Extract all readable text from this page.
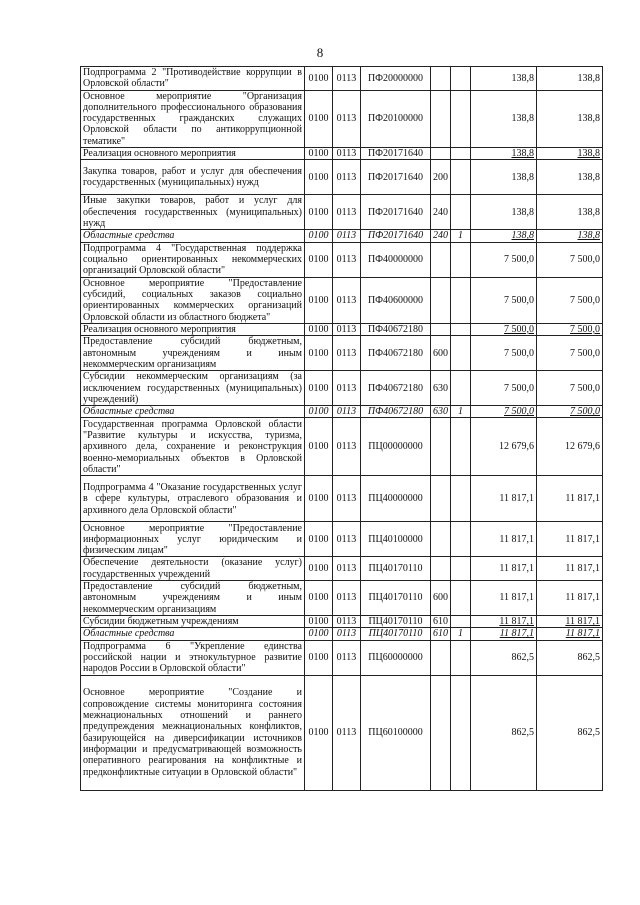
8
Подпрограмма 2 "Противодействие коррупции в Орловской области"	0100	0113	ПФ20000000			138,8	138,8
Основное мероприятие "Организация дополнительного профессионального образования государственных гражданских служащих Орловской области по антикоррупционной тематике"	0100	0113	ПФ20100000			138,8	138,8
Реализация основного мероприятия	0100	0113	ПФ20171640			138,8	138,8
Закупка товаров, работ и услуг для обеспечения государственных (муниципальных) нужд	0100	0113	ПФ20171640	200		138,8	138,8
Иные закупки товаров, работ и услуг для обеспечения государственных (муниципальных) нужд	0100	0113	ПФ20171640	240		138,8	138,8
Областные средства	0100	0113	ПФ20171640	240	1	138,8	138,8
Подпрограмма 4 "Государственная поддержка социально ориентированных некоммерческих организаций Орловской области"	0100	0113	ПФ40000000			7 500,0	7 500,0
Основное мероприятие "Предоставление субсидий, социальных заказов социально ориентированных коммерческих организаций Орловской области из областного бюджета"	0100	0113	ПФ40600000			7 500,0	7 500,0
Реализация основного мероприятия	0100	0113	ПФ40672180			7 500,0	7 500,0
Предоставление субсидий бюджетным, автономным учреждениям и иным некоммерческим организациям	0100	0113	ПФ40672180	600		7 500,0	7 500,0
Субсидии некоммерческим организациям (за исключением государственных (муниципальных) учреждений)	0100	0113	ПФ40672180	630		7 500,0	7 500,0
Областные средства	0100	0113	ПФ40672180	630	1	7 500,0	7 500,0
Государственная программа Орловской области "Развитие культуры и искусства, туризма, архивного дела, сохранение и реконструкция военно-мемориальных объектов в Орловской области"	0100	0113	ПЦ00000000			12 679,6	12 679,6
Подпрограмма 4 "Оказание государственных услуг в сфере культуры, отраслевого образования и архивного дела Орловской области"	0100	0113	ПЦ40000000			11 817,1	11 817,1
Основное мероприятие "Предоставление информационных услуг юридическим и физическим лицам"	0100	0113	ПЦ40100000			11 817,1	11 817,1
Обеспечение деятельности (оказание услуг) государственных учреждений	0100	0113	ПЦ40170110			11 817,1	11 817,1
Предоставление субсидий бюджетным, автономным учреждениям и иным некоммерческим организациям	0100	0113	ПЦ40170110	600		11 817,1	11 817,1
Субсидии бюджетным учреждениям	0100	0113	ПЦ40170110	610		11 817,1	11 817,1
Областные средства	0100	0113	ПЦ40170110	610	1	11 817,1	11 817,1
Подпрограмма 6 "Укрепление единства российской нации и этнокультурное развитие народов России в Орловской области"	0100	0113	ПЦ60000000			862,5	862,5
Основное мероприятие "Создание и сопровождение системы мониторинга состояния межнациональных отношений и раннего предупреждения межнациональных конфликтов, базирующейся на диверсификации источников информации и предусматривающей возможность оперативного реагирования на конфликтные и предконфликтные ситуации в Орловской области"	0100	0113	ПЦ60100000			862,5	862,5
